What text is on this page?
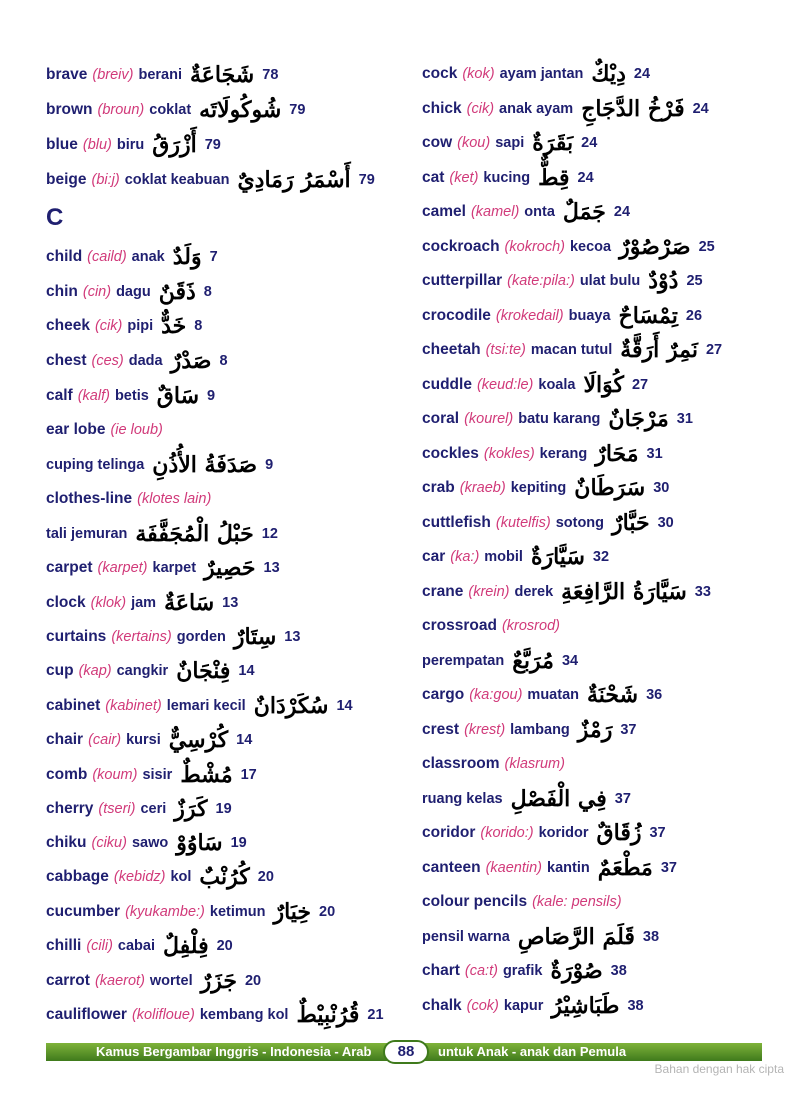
brave (breiv) berani شَجَاعَةٌ 78
brown (broun) coklat شُوكُولَاتَه 79
blue (blu) biru أَزْرَقُ 79
beige (bi:j) coklat keabuan أَسْمَرُ رَمَادِيٌ 79
child (caild) anak وَلَدٌ 7
chin (cin) dagu ذَقَنٌ 8
cheek (cik) pipi خَدٌّ 8
chest (ces) dada صَدْرٌ 8
calf (kalf) betis سَاقٌ 9
ear lobe (ie loub)
cuping telinga صَدَفَةُ الأُذُنِ 9
clothes-line (klotes lain)
tali jemuran حَبْلُ الْمُجَفَّفَة 12
carpet (karpet) karpet حَصِيرٌ 13
clock (klok) jam سَاعَةٌ 13
curtains (kertains) gorden سِتَارٌ 13
cup (kap) cangkir فِنْجَانٌ 14
cabinet (kabinet) lemari kecil سُكَرْدَانٌ 14
chair (cair) kursi كُرْسِيٌّ 14
comb (koum) sisir مُشْطٌ 17
cherry (tseri) ceri كَرَزٌ 19
chiku (ciku) sawo سَاوُوْ 19
cabbage (kebidz) kol كُرُنْبٌ 20
cucumber (kyukambe:) ketimun خِيَارٌ 20
chilli (cili) cabai فِلْفِلٌ 20
carrot (kaerot) wortel جَزَرٌ 20
cauliflower (kolifloue) kembang kol قُرُنْبِيْطٌ 21
C
cock (kok) ayam jantan دِيْكٌ 24
chick (cik) anak ayam فَرْخُ الدَّجَاجِ 24
cow (kou) sapi بَقَرَةٌ 24
cat (ket) kucing قِطٌّ 24
camel (kamel) onta جَمَلٌ 24
cockroach (kokroch) kecoa صَرْصُوْرٌ 25
cutterpillar (kate:pila:) ulat bulu دُوْدٌ 25
crocodile (krokedail) buaya تِمْسَاحٌ 26
cheetah (tsi:te) macan tutul نَمِرٌ أَرَقَّةٌ 27
cuddle (keud:le) koala كُوَالَا 27
coral (kourel) batu karang مَرْجَانٌ 31
cockles (kokles) kerang مَحَارٌ 31
crab (kraeb) kepiting سَرَطَانٌ 30
cuttlefish (kutelfis) sotong حَبَّارٌ 30
car (ka:) mobil سَيَّارَةٌ 32
crane (krein) derek سَيَّارَةُ الرَّافِعَةِ 33
crossroad (krosrod)
perempatan مُرَبَّعٌ 34
cargo (ka:gou) muatan شَحْنَةٌ 36
crest (krest) lambang رَمْزٌ 37
classroom (klasrum)
ruang kelas فِي الْفَصْلِ 37
coridor (korido:) koridor زُقَاقٌ 37
canteen (kaentin) kantin مَطْعَمٌ 37
colour pencils (kale: pensils)
pensil warna قَلَمَ الرَّصَاصِ 38
chart (ca:t) grafik صُوْرَةٌ 38
chalk (cok) kapur طَبَاشِيْرُ 38
Kamus Bergambar Inggris - Indonesia - Arab	88	untuk Anak - anak dan Pemula
Bahan dengan hak cipta
